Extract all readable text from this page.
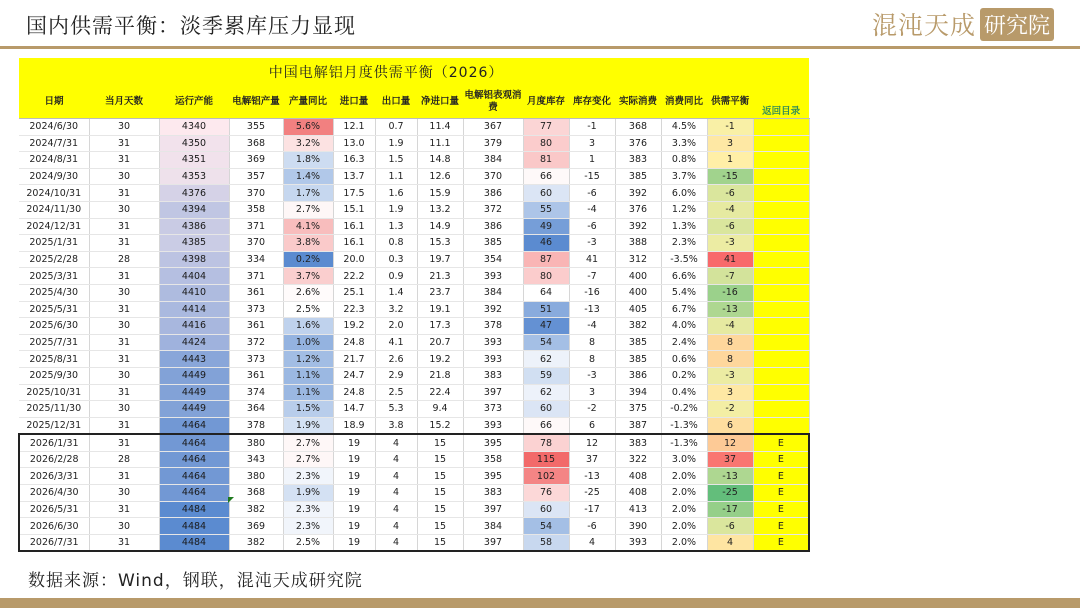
国内供需平衡：淡季累库压力显现	混沌天成 研究院
中国电解铝月度供需平衡（2026）														
日期	当月天数	运行产能	电解铝产量	产量同比	进口量	出口量	净进口量	电解铝表观消费	月度库存	库存变化	实际消费	消费同比	供需平衡	返回目录
2024/6/30	30	4340	355	5.6%	12.1	0.7	11.4	367	77	-1	368	4.5%	-1	
2024/7/31	31	4350	368	3.2%	13.0	1.9	11.1	379	80	3	376	3.3%	3	
2024/8/31	31	4351	369	1.8%	16.3	1.5	14.8	384	81	1	383	0.8%	1	
2024/9/30	30	4353	357	1.4%	13.7	1.1	12.6	370	66	-15	385	3.7%	-15	
2024/10/31	31	4376	370	1.7%	17.5	1.6	15.9	386	60	-6	392	6.0%	-6	
2024/11/30	30	4394	358	2.7%	15.1	1.9	13.2	372	55	-4	376	1.2%	-4	
2024/12/31	31	4386	371	4.1%	16.1	1.3	14.9	386	49	-6	392	1.3%	-6	
2025/1/31	31	4385	370	3.8%	16.1	0.8	15.3	385	46	-3	388	2.3%	-3	
2025/2/28	28	4398	334	0.2%	20.0	0.3	19.7	354	87	41	312	-3.5%	41	
2025/3/31	31	4404	371	3.7%	22.2	0.9	21.3	393	80	-7	400	6.6%	-7	
2025/4/30	30	4410	361	2.6%	25.1	1.4	23.7	384	64	-16	400	5.4%	-16	
2025/5/31	31	4414	373	2.5%	22.3	3.2	19.1	392	51	-13	405	6.7%	-13	
2025/6/30	30	4416	361	1.6%	19.2	2.0	17.3	378	47	-4	382	4.0%	-4	
2025/7/31	31	4424	372	1.0%	24.8	4.1	20.7	393	54	8	385	2.4%	8	
2025/8/31	31	4443	373	1.2%	21.7	2.6	19.2	393	62	8	385	0.6%	8	
2025/9/30	30	4449	361	1.1%	24.7	2.9	21.8	383	59	-3	386	0.2%	-3	
2025/10/31	31	4449	374	1.1%	24.8	2.5	22.4	397	62	3	394	0.4%	3	
2025/11/30	30	4449	364	1.5%	14.7	5.3	9.4	373	60	-2	375	-0.2%	-2	
2025/12/31	31	4464	378	1.9%	18.9	3.8	15.2	393	66	6	387	-1.3%	6	
2026/1/31	31	4464	380	2.7%	19	4	15	395	78	12	383	-1.3%	12	E
2026/2/28	28	4464	343	2.7%	19	4	15	358	115	37	322	3.0%	37	E
2026/3/31	31	4464	380	2.3%	19	4	15	395	102	-13	408	2.0%	-13	E
2026/4/30	30	4464	368	1.9%	19	4	15	383	76	-25	408	2.0%	-25	E
2026/5/31	31	4484	382	2.3%	19	4	15	397	60	-17	413	2.0%	-17	E
2026/6/30	30	4484	369	2.3%	19	4	15	384	54	-6	390	2.0%	-6	E
2026/7/31	31	4484	382	2.5%	19	4	15	397	58	4	393	2.0%	4	E
数据来源：Wind，钢联，混沌天成研究院
